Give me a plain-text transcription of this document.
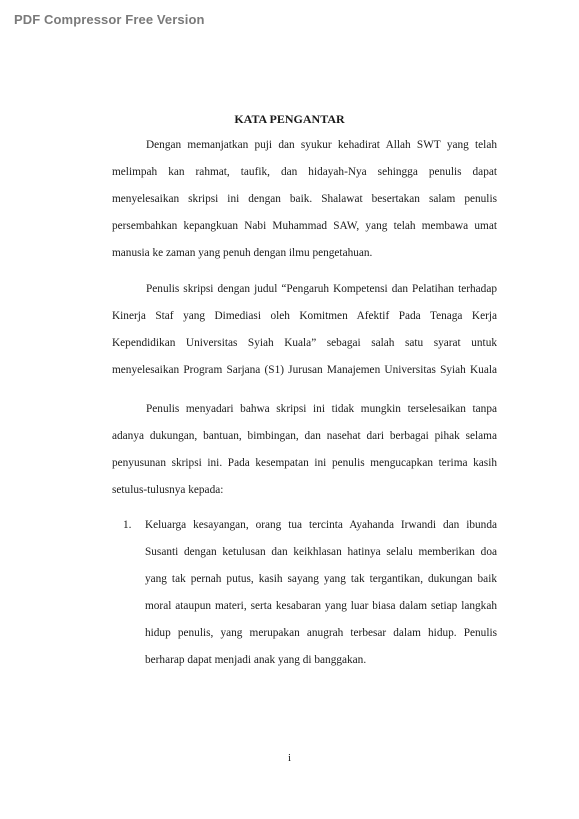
PDF Compressor Free Version
KATA PENGANTAR
Dengan memanjatkan puji dan syukur kehadirat Allah SWT yang telah
melimpah kan rahmat, taufik, dan hidayah-Nya sehingga penulis dapat
menyelesaikan skripsi ini dengan baik. Shalawat besertakan salam penulis
persembahkan kepangkuan Nabi Muhammad SAW, yang telah membawa umat
manusia ke zaman yang penuh dengan ilmu pengetahuan.
Penulis skripsi dengan judul “Pengaruh Kompetensi dan Pelatihan terhadap
Kinerja Staf yang Dimediasi oleh Komitmen Afektif Pada Tenaga Kerja
Kependidikan Universitas Syiah Kuala” sebagai salah satu syarat untuk
menyelesaikan Program Sarjana (S1) Jurusan Manajemen Universitas Syiah Kuala
Penulis menyadari bahwa skripsi ini tidak mungkin terselesaikan tanpa
adanya dukungan, bantuan, bimbingan, dan nasehat dari berbagai pihak selama
penyusunan skripsi ini. Pada kesempatan ini penulis mengucapkan terima kasih
setulus-tulusnya kepada:
1. Keluarga kesayangan, orang tua tercinta Ayahanda Irwandi dan ibunda
Susanti dengan ketulusan dan keikhlasan hatinya selalu memberikan doa
yang tak pernah putus, kasih sayang yang tak tergantikan, dukungan baik
moral ataupun materi, serta kesabaran yang luar biasa dalam setiap langkah
hidup penulis, yang merupakan anugrah terbesar dalam hidup. Penulis
berharap dapat menjadi anak yang di banggakan.
i
